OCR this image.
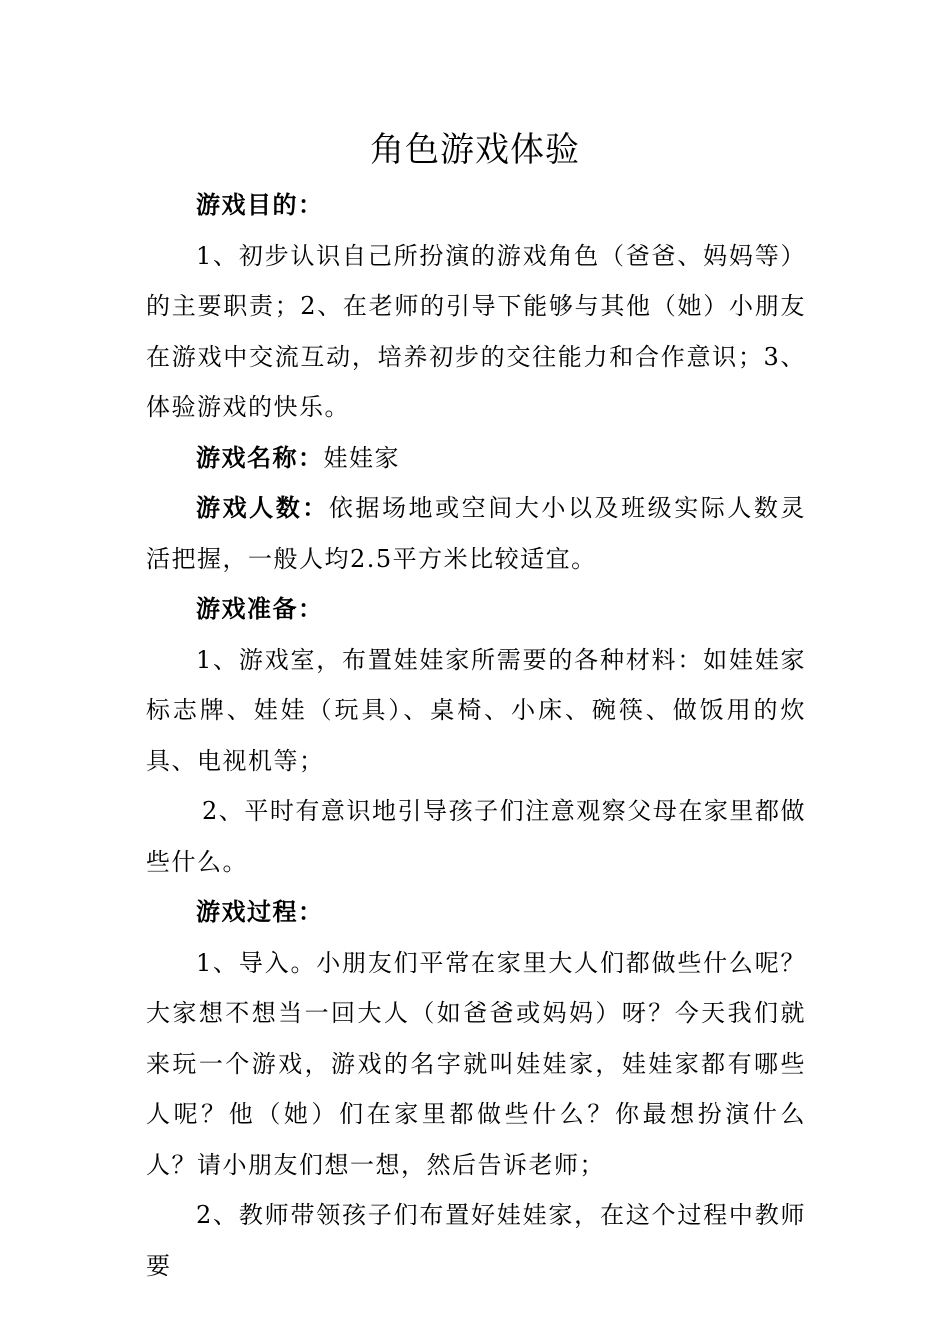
角色游戏体验

游戏目的：

1、初步认识自己所扮演的游戏角色（爸爸、妈妈等）的主要职责；2、在老师的引导下能够与其他（她）小朋友在游戏中交流互动，培养初步的交往能力和合作意识；3、体验游戏的快乐。

游戏名称：娃娃家

游戏人数：依据场地或空间大小以及班级实际人数灵活把握，一般人均2.5平方米比较适宜。

游戏准备：

1、游戏室，布置娃娃家所需要的各种材料：如娃娃家标志牌、娃娃（玩具）、桌椅、小床、碗筷、做饭用的炊具、电视机等；

2、平时有意识地引导孩子们注意观察父母在家里都做些什么。

游戏过程：

1、导入。小朋友们平常在家里大人们都做些什么呢？大家想不想当一回大人（如爸爸或妈妈）呀？今天我们就来玩一个游戏，游戏的名字就叫娃娃家，娃娃家都有哪些人呢？他（她）们在家里都做些什么？你最想扮演什么人？请小朋友们想一想，然后告诉老师；

2、教师带领孩子们布置好娃娃家，在这个过程中教师要
